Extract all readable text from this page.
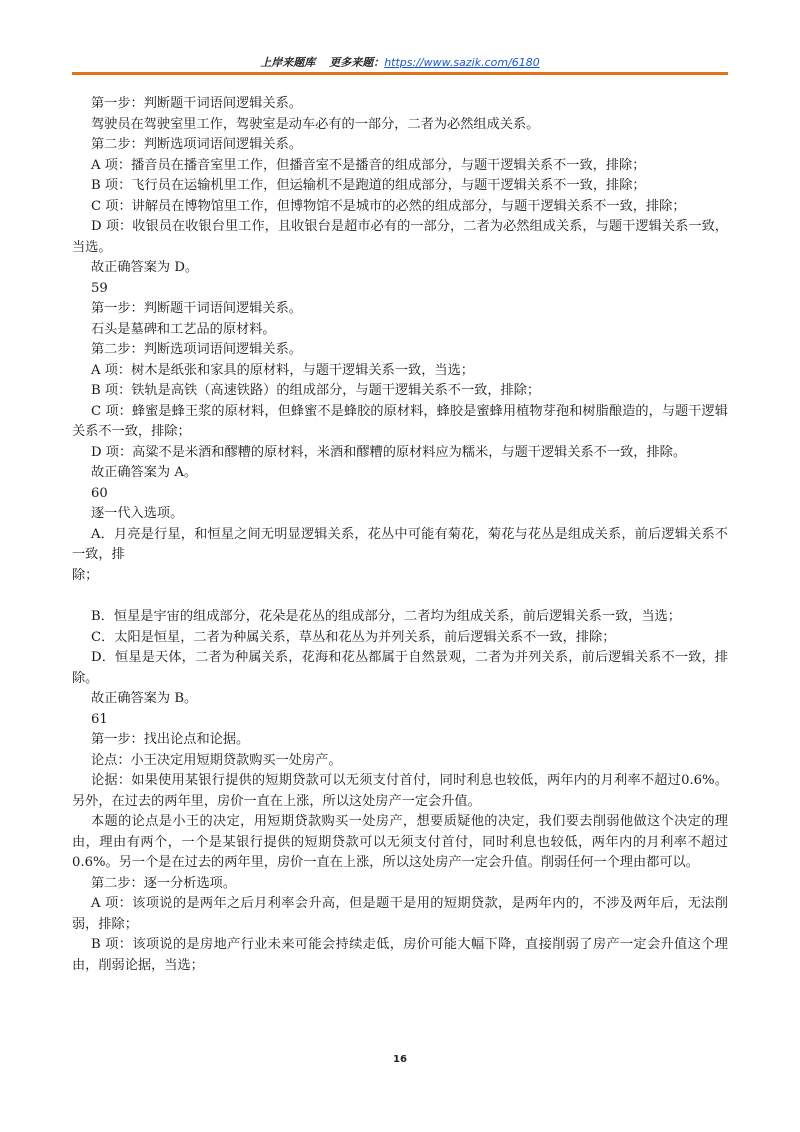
上岸来题库 更多来题：https://www.sazik.com/6180

第一步：判断题干词语间逻辑关系。

驾驶员在驾驶室里工作，驾驶室是动车必有的一部分，二者为必然组成关系。

第二步：判断选项词语间逻辑关系。

A 项：播音员在播音室里工作，但播音室不是播音的组成部分，与题干逻辑关系不一致，排除；

B 项：飞行员在运输机里工作，但运输机不是跑道的组成部分，与题干逻辑关系不一致，排除；

C 项：讲解员在博物馆里工作，但博物馆不是城市的必然的组成部分，与题干逻辑关系不一致，排除；

D 项：收银员在收银台里工作，且收银台是超市必有的一部分，二者为必然组成关系，与题干逻辑关系一致，当选。

故正确答案为 D。

59

第一步：判断题干词语间逻辑关系。

石头是墓碑和工艺品的原材料。

第二步：判断选项词语间逻辑关系。

A 项：树木是纸张和家具的原材料，与题干逻辑关系一致，当选；

B 项：铁轨是高铁（高速铁路）的组成部分，与题干逻辑关系不一致，排除；

C 项：蜂蜜是蜂王浆的原材料，但蜂蜜不是蜂胶的原材料，蜂胶是蜜蜂用植物芽孢和树脂酿造的，与题干逻辑关系不一致，排除；

D 项：高粱不是米酒和醪糟的原材料，米酒和醪糟的原材料应为糯米，与题干逻辑关系不一致，排除。

故正确答案为 A。

60

逐一代入选项。

A．月亮是行星，和恒星之间无明显逻辑关系，花丛中可能有菊花，菊花与花丛是组成关系，前后逻辑关系不一致，排

除；

B．恒星是宇宙的组成部分，花朵是花丛的组成部分，二者均为组成关系，前后逻辑关系一致，当选；

C．太阳是恒星，二者为种属关系，草丛和花丛为并列关系，前后逻辑关系不一致，排除；

D．恒星是天体，二者为种属关系，花海和花丛都属于自然景观，二者为并列关系，前后逻辑关系不一致，排除。

故正确答案为 B。

61

第一步：找出论点和论据。

论点：小王决定用短期贷款购买一处房产。

论据：如果使用某银行提供的短期贷款可以无须支付首付，同时利息也较低，两年内的月利率不超过0.6%。另外，在过去的两年里，房价一直在上涨，所以这处房产一定会升值。

本题的论点是小王的决定，用短期贷款购买一处房产，想要质疑他的决定，我们要去削弱他做这个决定的理由，理由有两个，一个是某银行提供的短期贷款可以无须支付首付，同时利息也较低，两年内的月利率不超过0.6%。另一个是在过去的两年里，房价一直在上涨，所以这处房产一定会升值。削弱任何一个理由都可以。

第二步：逐一分析选项。

A 项：该项说的是两年之后月利率会升高，但是题干是用的短期贷款，是两年内的，不涉及两年后，无法削弱，排除；

B 项：该项说的是房地产行业未来可能会持续走低，房价可能大幅下降，直接削弱了房产一定会升值这个理由，削弱论据，当选；

16
